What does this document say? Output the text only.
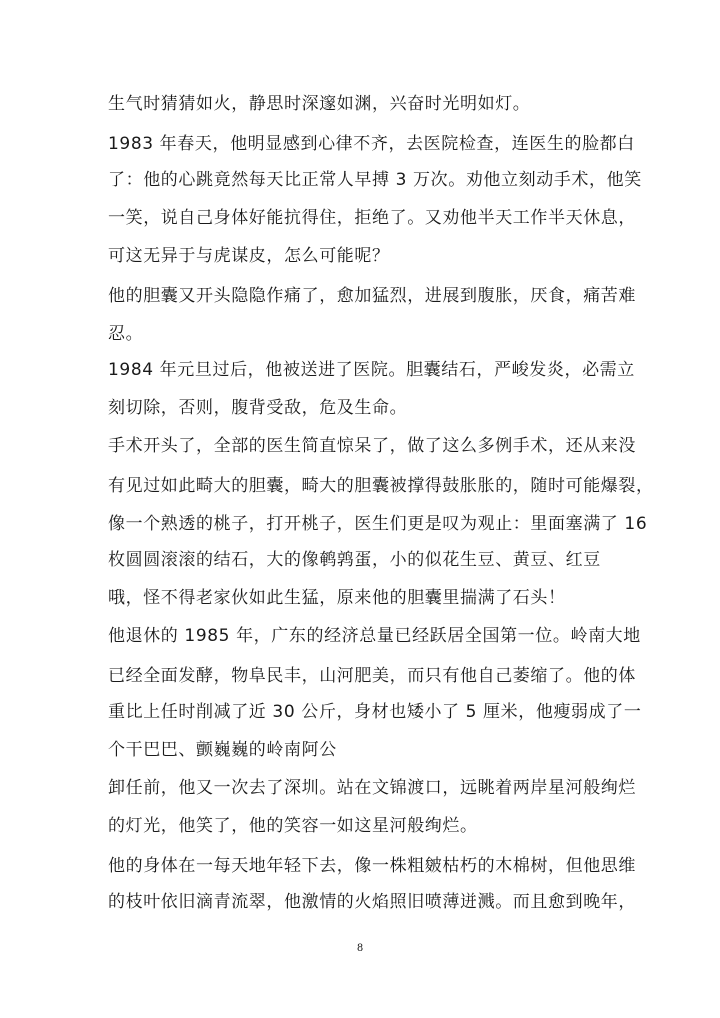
生气时猜猜如火，静思时深邃如渊，兴奋时光明如灯。
1983 年春天，他明显感到心律不齐，去医院检查，连医生的脸都白
了：他的心跳竟然每天比正常人早搏 3 万次。劝他立刻动手术，他笑
一笑，说自己身体好能抗得住，拒绝了。又劝他半天工作半天休息，
可这无异于与虎谋皮，怎么可能呢？
他的胆囊又开头隐隐作痛了，愈加猛烈，进展到腹胀，厌食，痛苦难
忍。
1984 年元旦过后，他被送进了医院。胆囊结石，严峻发炎，必需立
刻切除，否则，腹背受敌，危及生命。
手术开头了，全部的医生简直惊呆了，做了这么多例手术，还从来没
有见过如此畸大的胆囊，畸大的胆囊被撑得鼓胀胀的，随时可能爆裂，
像一个熟透的桃子，打开桃子，医生们更是叹为观止：里面塞满了 16
枚圆圆滚滚的结石，大的像鹌鹑蛋，小的似花生豆、黄豆、红豆
哦，怪不得老家伙如此生猛，原来他的胆囊里揣满了石头！
他退休的 1985 年，广东的经济总量已经跃居全国第一位。岭南大地
已经全面发酵，物阜民丰，山河肥美，而只有他自己萎缩了。他的体
重比上任时削减了近 30 公斤，身材也矮小了 5 厘米，他瘦弱成了一
个干巴巴、颤巍巍的岭南阿公
卸任前，他又一次去了深圳。站在文锦渡口，远眺着两岸星河般绚烂
的灯光，他笑了，他的笑容一如这星河般绚烂。
他的身体在一每天地年轻下去，像一株粗皴枯朽的木棉树，但他思维
的枝叶依旧滴青流翠，他激情的火焰照旧喷薄迸溅。而且愈到晚年，
8
